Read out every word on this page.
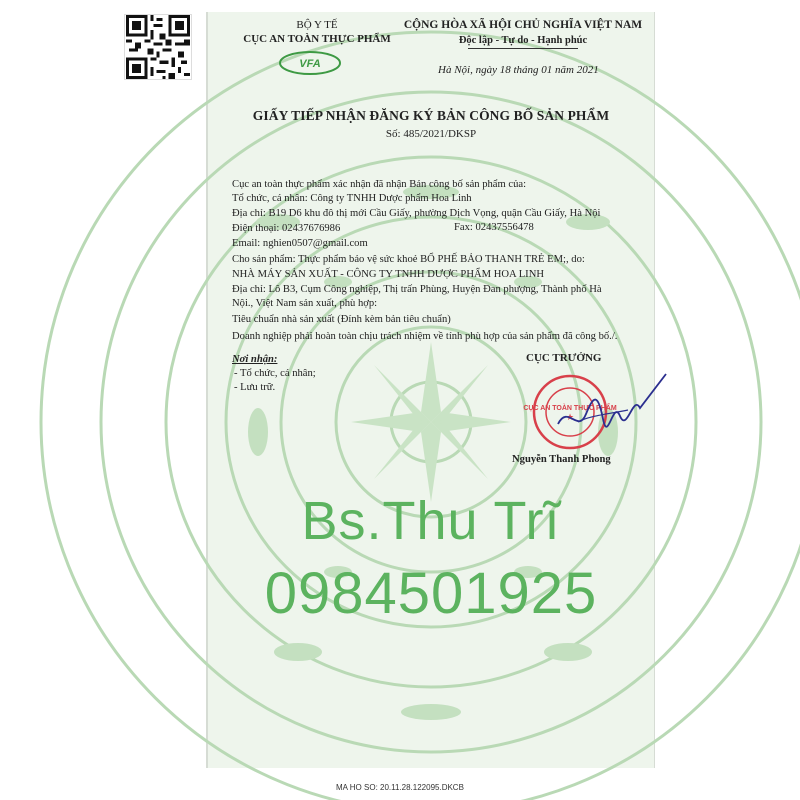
BỘ Y TẾ
CỤC AN TOÀN THỰC PHẨM
VFA
CỘNG HÒA XÃ HỘI CHỦ NGHĨA VIỆT NAM
Độc lập - Tự do - Hạnh phúc
Hà Nội, ngày 18 tháng 01 năm 2021
GIẤY TIẾP NHẬN ĐĂNG KÝ BẢN CÔNG BỐ SẢN PHẨM
Số: 485/2021/DKSP
Cục an toàn thực phẩm xác nhận đã nhận Bản công bố sản phẩm của:
Tổ chức, cá nhân: Công ty TNHH Dược phẩm Hoa Linh
Địa chỉ: B19 D6 khu đô thị mới Cầu Giấy, phường Dịch Vọng, quận Cầu Giấy, Hà Nội
Điện thoại: 02437676986	Fax: 02437556478
Email: nghien0507@gmail.com
Cho sản phẩm: Thực phẩm bảo vệ sức khoẻ BỔ PHẾ BẢO THANH TRẺ EM;, do:
NHÀ MÁY SẢN XUẤT - CÔNG TY TNHH DƯỢC PHẨM HOA LINH
Địa chỉ: Lô B3, Cụm Công nghiệp, Thị trấn Phùng, Huyện Đan phượng, Thành phố Hà
Nội., Việt Nam sản xuất, phù hợp:
Tiêu chuẩn nhà sản xuất (Đính kèm bản tiêu chuẩn)
Doanh nghiệp phải hoàn toàn chịu trách nhiệm về tính phù hợp của sản phẩm đã công bố./.
Nơi nhận:
- Tổ chức, cá nhân;
- Lưu trữ.
CỤC TRƯỞNG
CỤC AN TOÀN THỰC PHẨM
★
Nguyễn Thanh Phong
Bs.Thu Trĩ
0984501925
MA HO SO: 20.11.28.122095.DKCB
